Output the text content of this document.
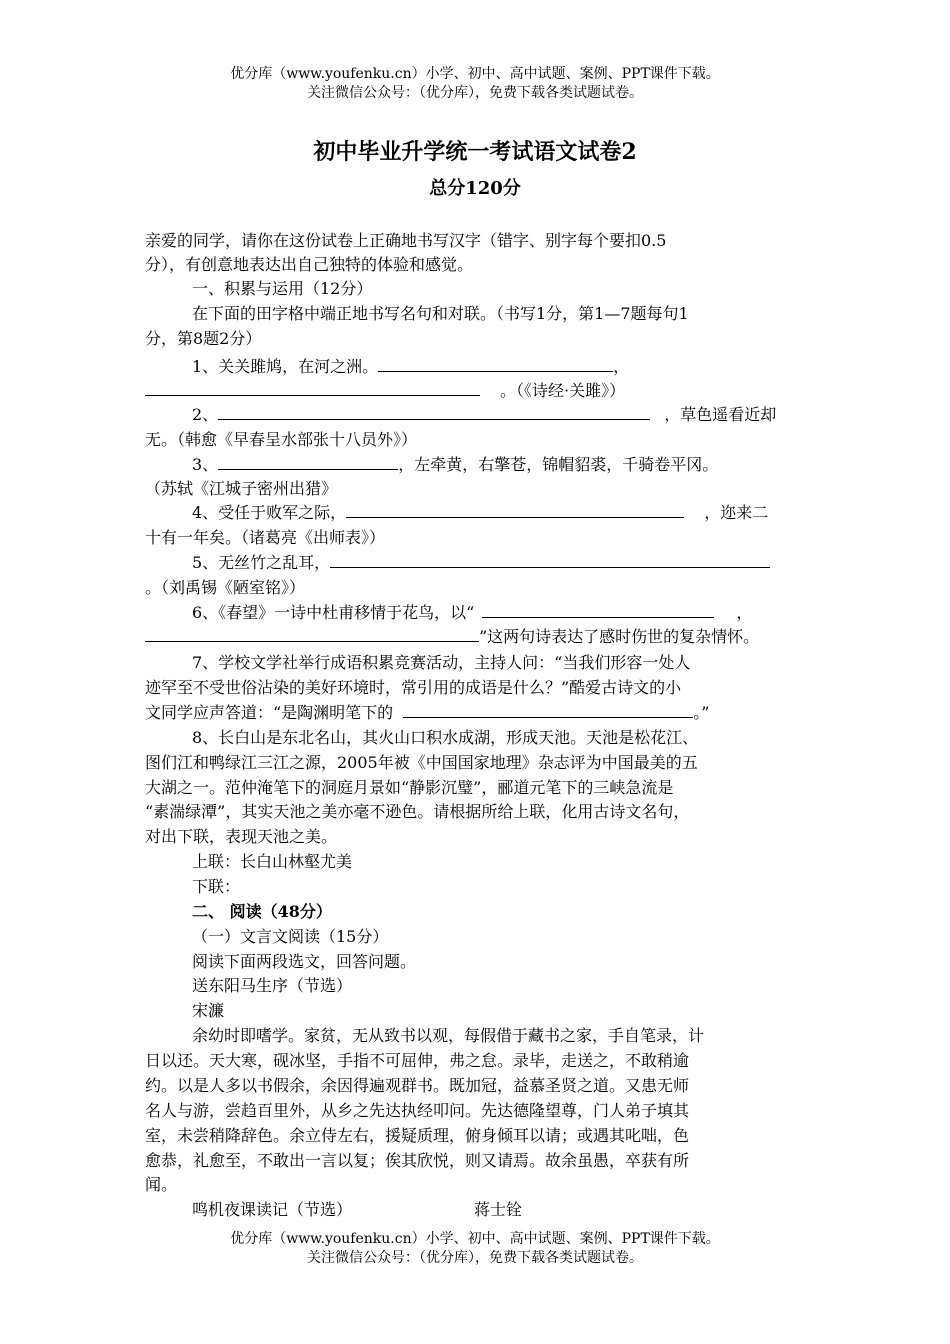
优分库（www.youfenku.cn）小学、初中、高中试题、案例、PPT课件下载。
关注微信公众号：（优分库），免费下载各类试题试卷。
初中毕业升学统一考试语文试卷2
总分120分
亲爱的同学，请你在这份试卷上正确地书写汉字（错字、别字每个要扣0.5
分），有创意地表达出自己独特的体验和感觉。
一、积累与运用（12分）
在下面的田字格中端正地书写名句和对联。（书写1分，第1—7题每句1
分，第8题2分）
1、关关雎鸠，在河之洲。	，
。（《诗经·关雎》）
2、	，草色遥看近却
无。（韩愈《早春呈水部张十八员外》）
3、	，左牵黄，右擎苍，锦帽貂裘，千骑卷平冈。
（苏轼《江城子密州出猎》
4、受任于败军之际，	，迩来二
十有一年矣。（诸葛亮《出师表》）
5、无丝竹之乱耳，
。（刘禹锡《陋室铭》）
6、《春望》一诗中杜甫移情于花鸟，以“	，
”这两句诗表达了感时伤世的复杂情怀。
7、学校文学社举行成语积累竞赛活动，主持人问：“当我们形容一处人
迹罕至不受世俗沾染的美好环境时，常引用的成语是什么？”酷爱古诗文的小
文同学应声答道：“是陶渊明笔下的	。”
8、长白山是东北名山，其火山口积水成湖，形成天池。天池是松花江、
图们江和鸭绿江三江之源，2005年被《中国国家地理》杂志评为中国最美的五
大湖之一。范仲淹笔下的洞庭月景如“静影沉璧”，郦道元笔下的三峡急流是
“素湍绿潭”，其实天池之美亦毫不逊色。请根据所给上联，化用古诗文名句，
对出下联，表现天池之美。
上联：长白山林壑尤美
下联：
二、 阅读（48分）
（一）文言文阅读（15分）
阅读下面两段选文，回答问题。
送东阳马生序（节选）
宋濂
余幼时即嗜学。家贫，无从致书以观，每假借于藏书之家，手自笔录，计
日以还。天大寒，砚冰坚，手指不可屈伸，弗之怠。录毕，走送之，不敢稍逾
约。以是人多以书假余，余因得遍观群书。既加冠，益慕圣贤之道。又患无师
名人与游，尝趋百里外，从乡之先达执经叩问。先达德隆望尊，门人弟子填其
室，未尝稍降辞色。余立侍左右，援疑质理，俯身倾耳以请；或遇其叱咄，色
愈恭，礼愈至，不敢出一言以复；俟其欣悦，则又请焉。故余虽愚，卒获有所
闻。
鸣机夜课读记（节选）	蒋士铨
优分库（www.youfenku.cn）小学、初中、高中试题、案例、PPT课件下载。
关注微信公众号：（优分库），免费下载各类试题试卷。
